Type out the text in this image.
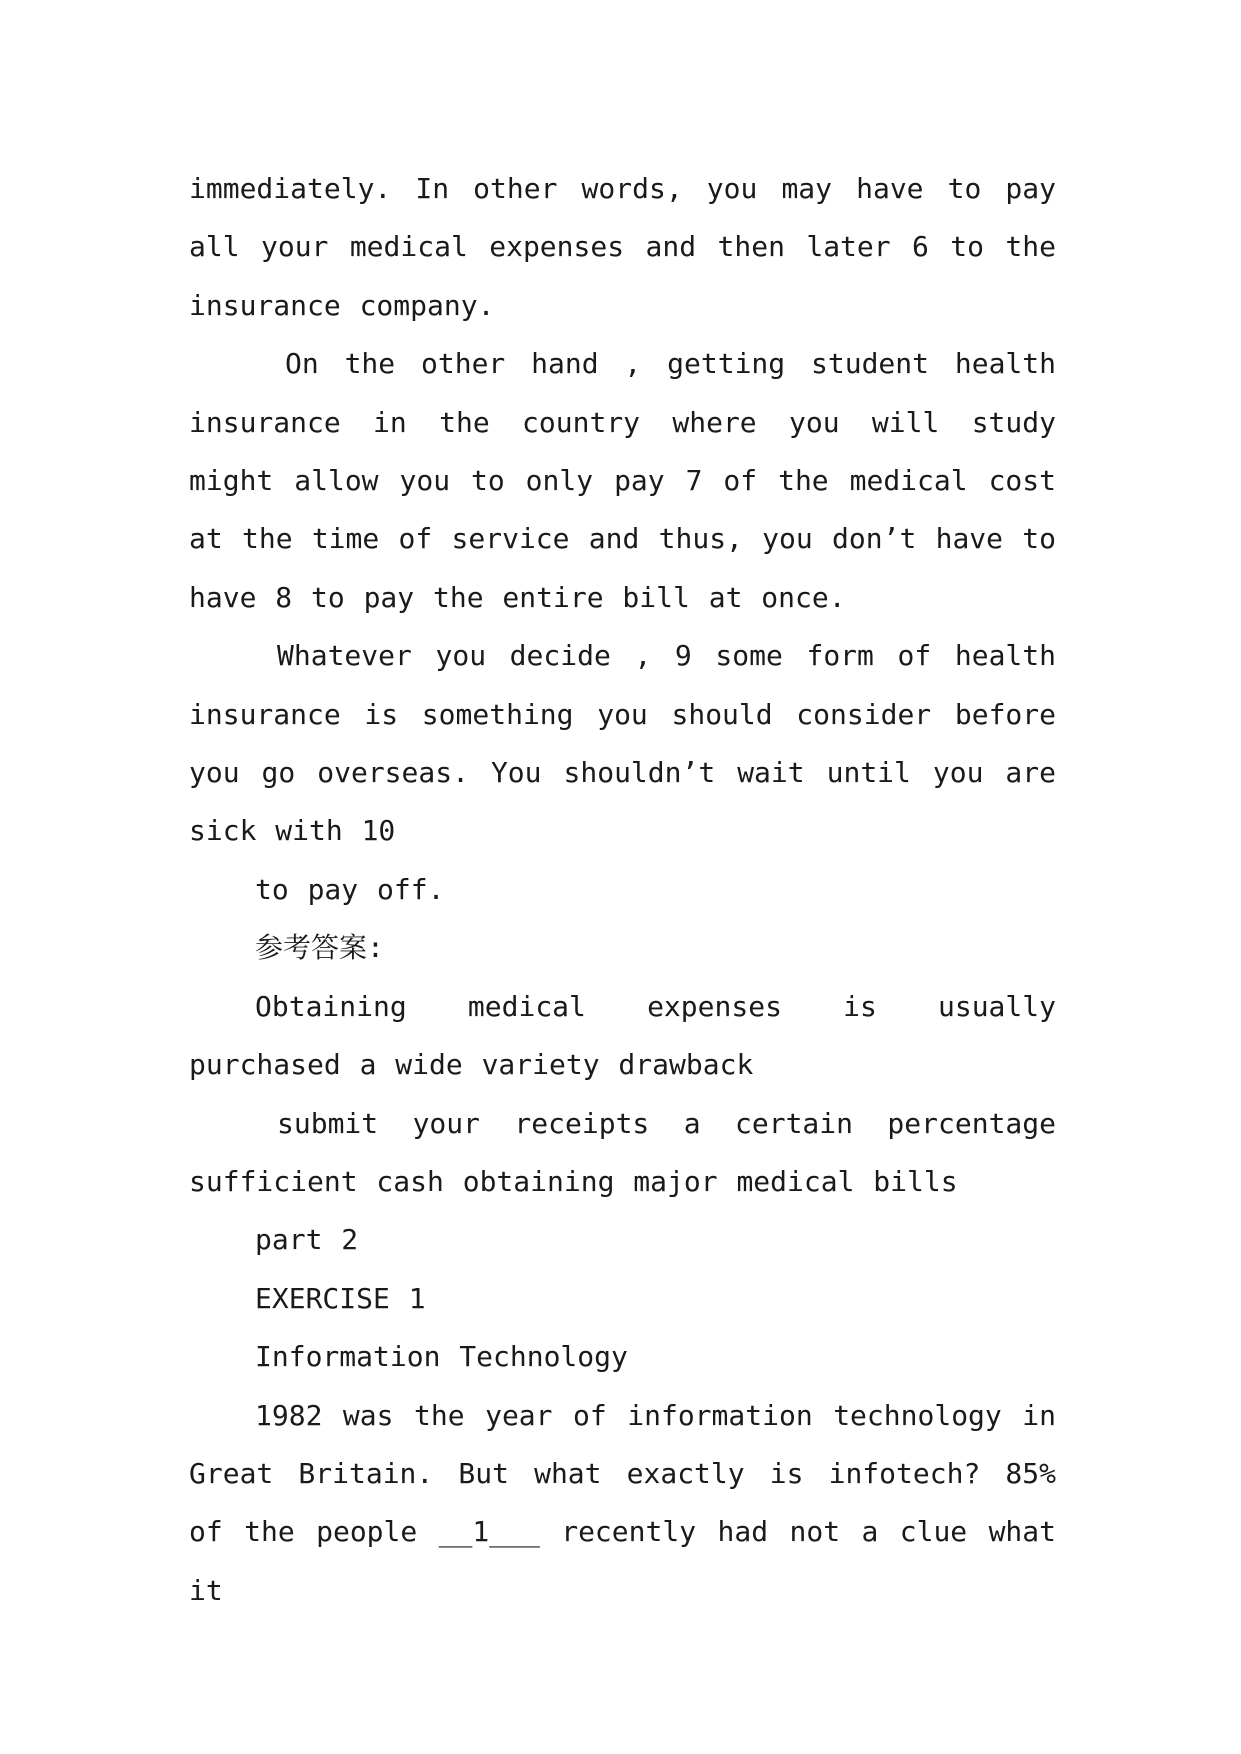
immediately. In other words, you may have to pay all your medical expenses and then later 6 to the insurance company.

On the other hand , getting student health insurance in the country where you will study might allow you to only pay 7 of the medical cost at the time of service and thus, you don’t have to have 8 to pay the entire bill at once.

Whatever you decide , 9 some form of health insurance is something you should consider before you go overseas. You shouldn’t wait until you are sick with 10

to pay off.

参考答案:

Obtaining medical expenses is usually purchased a wide variety drawback

submit your receipts a certain percentage sufficient cash obtaining major medical bills

part 2

EXERCISE 1

Information Technology

1982 was the year of information technology in Great Britain. But what exactly is infotech? 85% of the people __1___ recently had not a clue what it
